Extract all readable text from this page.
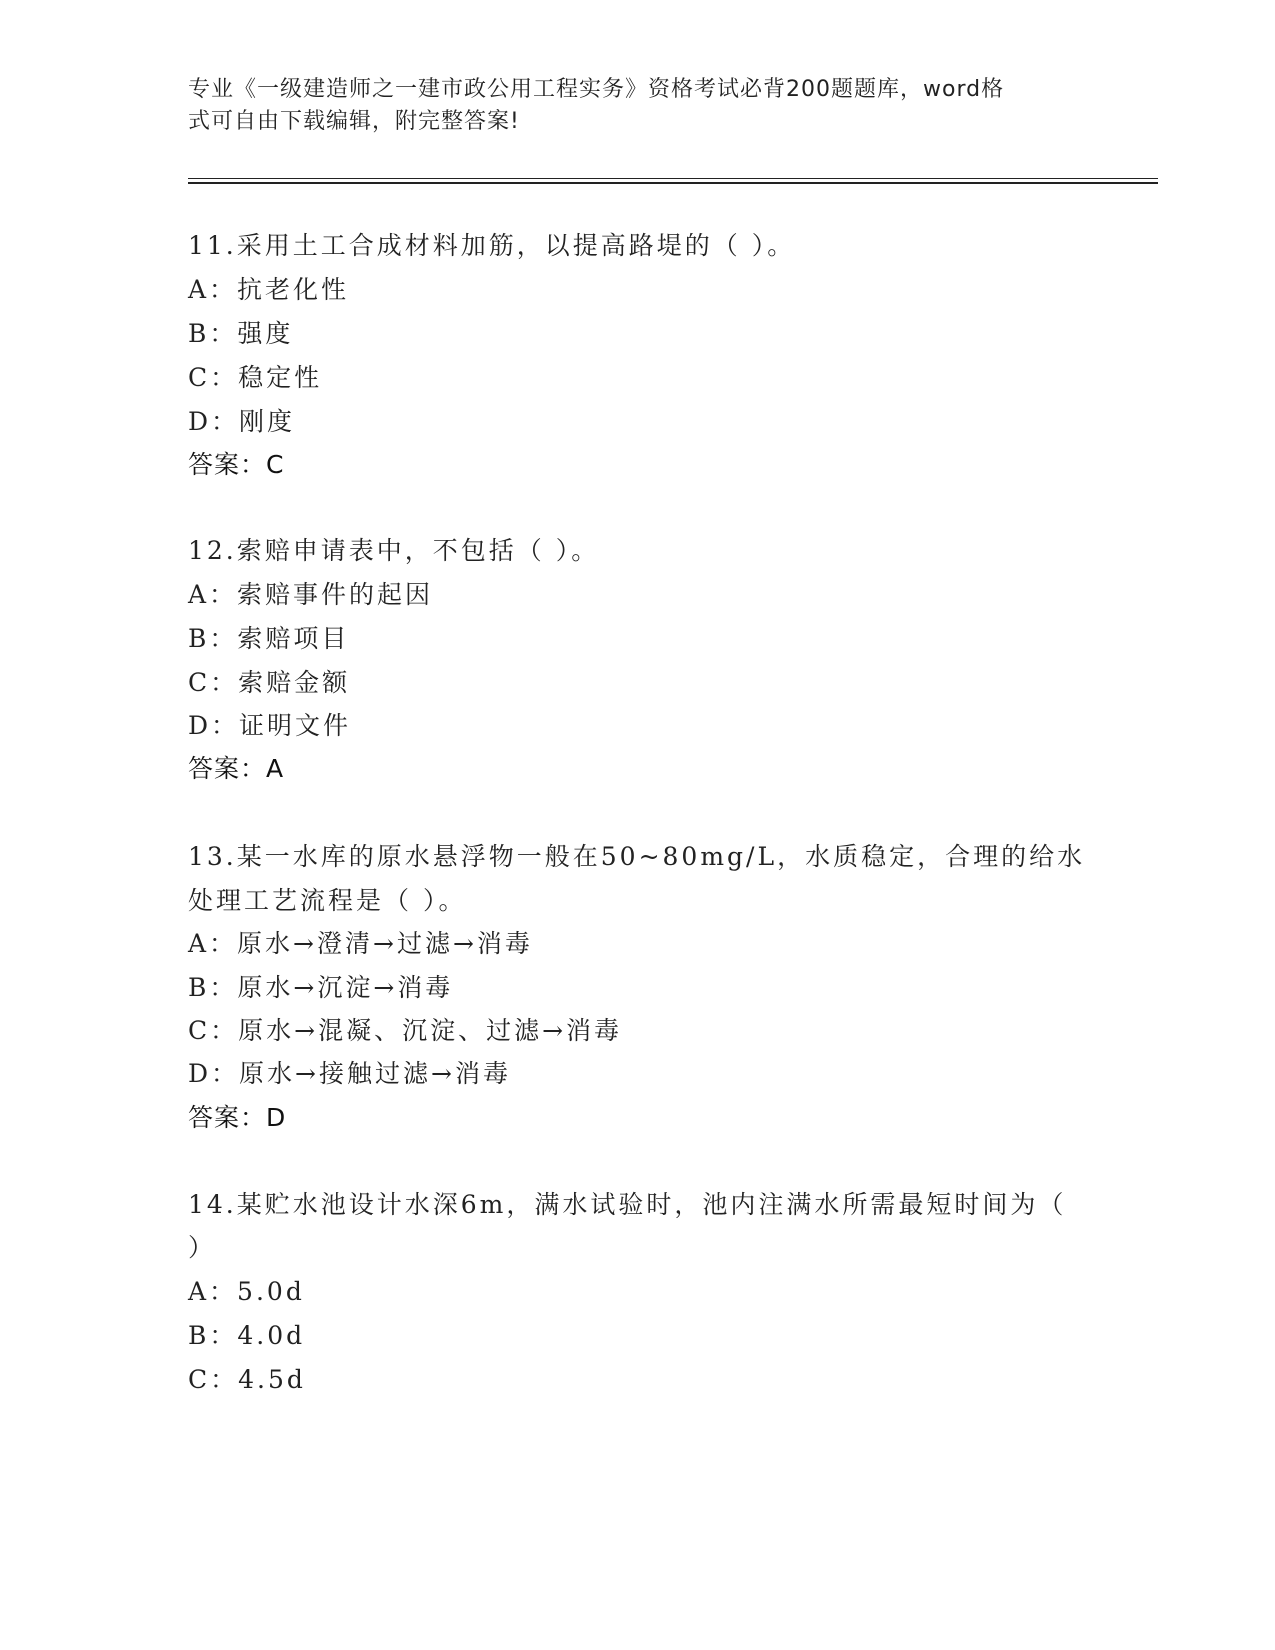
专业《一级建造师之一建市政公用工程实务》资格考试必背200题题库，word格
式可自由下载编辑，附完整答案!
11.采用土工合成材料加筋，以提高路堤的（ ）。
A：抗老化性
B：强度
C：稳定性
D：刚度
答案：C
12.索赔申请表中，不包括（ ）。
A：索赔事件的起因
B：索赔项目
C：索赔金额
D：证明文件
答案：A
13.某一水库的原水悬浮物一般在50~80mg/L，水质稳定，合理的给水
处理工艺流程是（ ）。
A：原水→澄清→过滤→消毒
B：原水→沉淀→消毒
C：原水→混凝、沉淀、过滤→消毒
D：原水→接触过滤→消毒
答案：D
14.某贮水池设计水深6m，满水试验时，池内注满水所需最短时间为（
）
A：5.0d
B：4.0d
C：4.5d
